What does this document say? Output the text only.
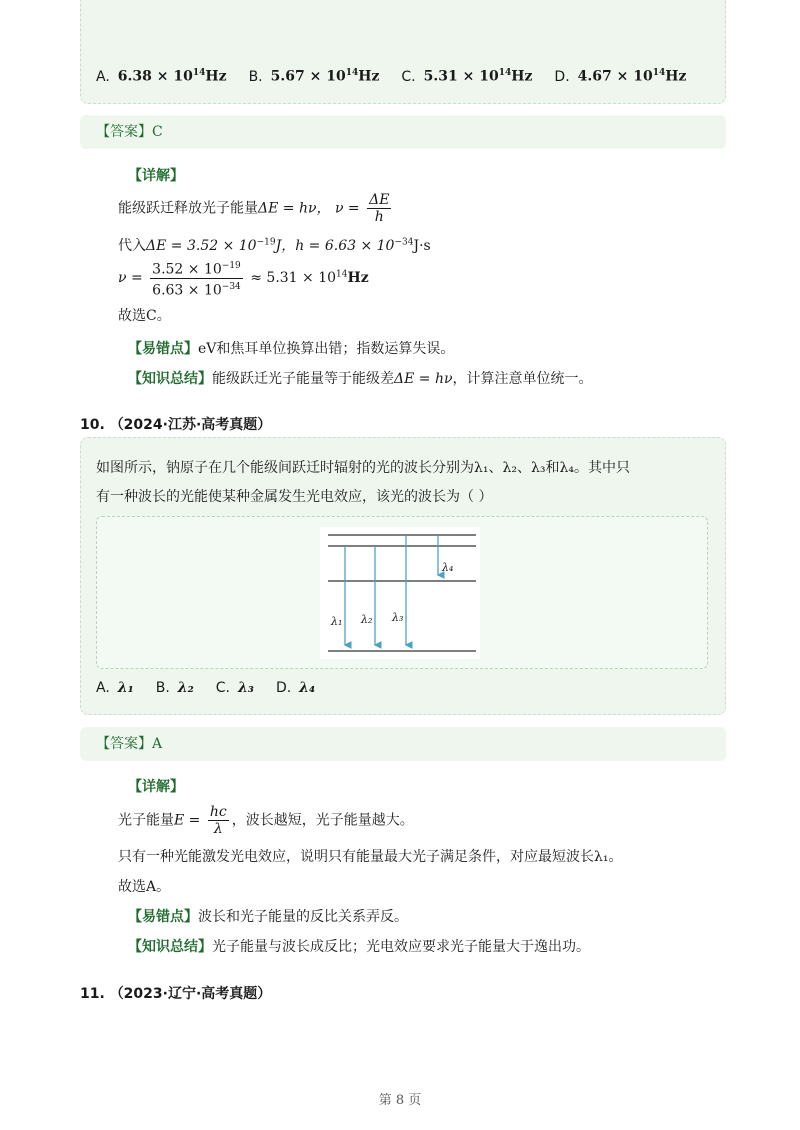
A. $6.38 \times 10^{14}Hz$ B. $5.67 \times 10^{14}Hz$ C. $5.31 \times 10^{14}Hz$ D. $4.67 \times 10^{14}Hz$
【答案】C
【详解】
能级跃迁释放光子能量ΔE = hν， $\nu = \frac{\Delta E}{h}$
代入$\Delta E = 3.52 \times 10^{-19}J$，$h = 6.63 \times 10^{-34}J\cdot s$
$\nu = \frac{3.52 \times 10^{-19}}{6.63 \times 10^{-34}} \approx 5.31 \times 10^{14}Hz$
故选C。
【易错点】eV和焦耳单位换算出错；指数运算失误。
【知识总结】能级跃迁光子能量等于能级差ΔE = hν，计算注意单位统一。
10. （2024·江苏·高考真题）
如图所示，钠原子在几个能级间跃迁时辐射的光的波长分别为λ₁、λ₂、λ₃和λ₄。其中只
有一种波长的光能使某种金属发生光电效应，该光的波长为（ ）
λ₁ λ₂ λ₃
λ₄
A. λ₁ B. λ₂ C. λ₃ D. λ₄
【答案】A
【详解】
光子能量$E = \frac{hc}{\lambda}$ ，波长越短，光子能量越大。
只有一种光能激发光电效应，说明只有能量最大光子满足条件，对应最短波长λ₁。
故选A。
【易错点】波长和光子能量的反比关系弄反。
【知识总结】光子能量与波长成反比；光电效应要求光子能量大于逸出功。
11. （2023·辽宁·高考真题）
第 8 页
